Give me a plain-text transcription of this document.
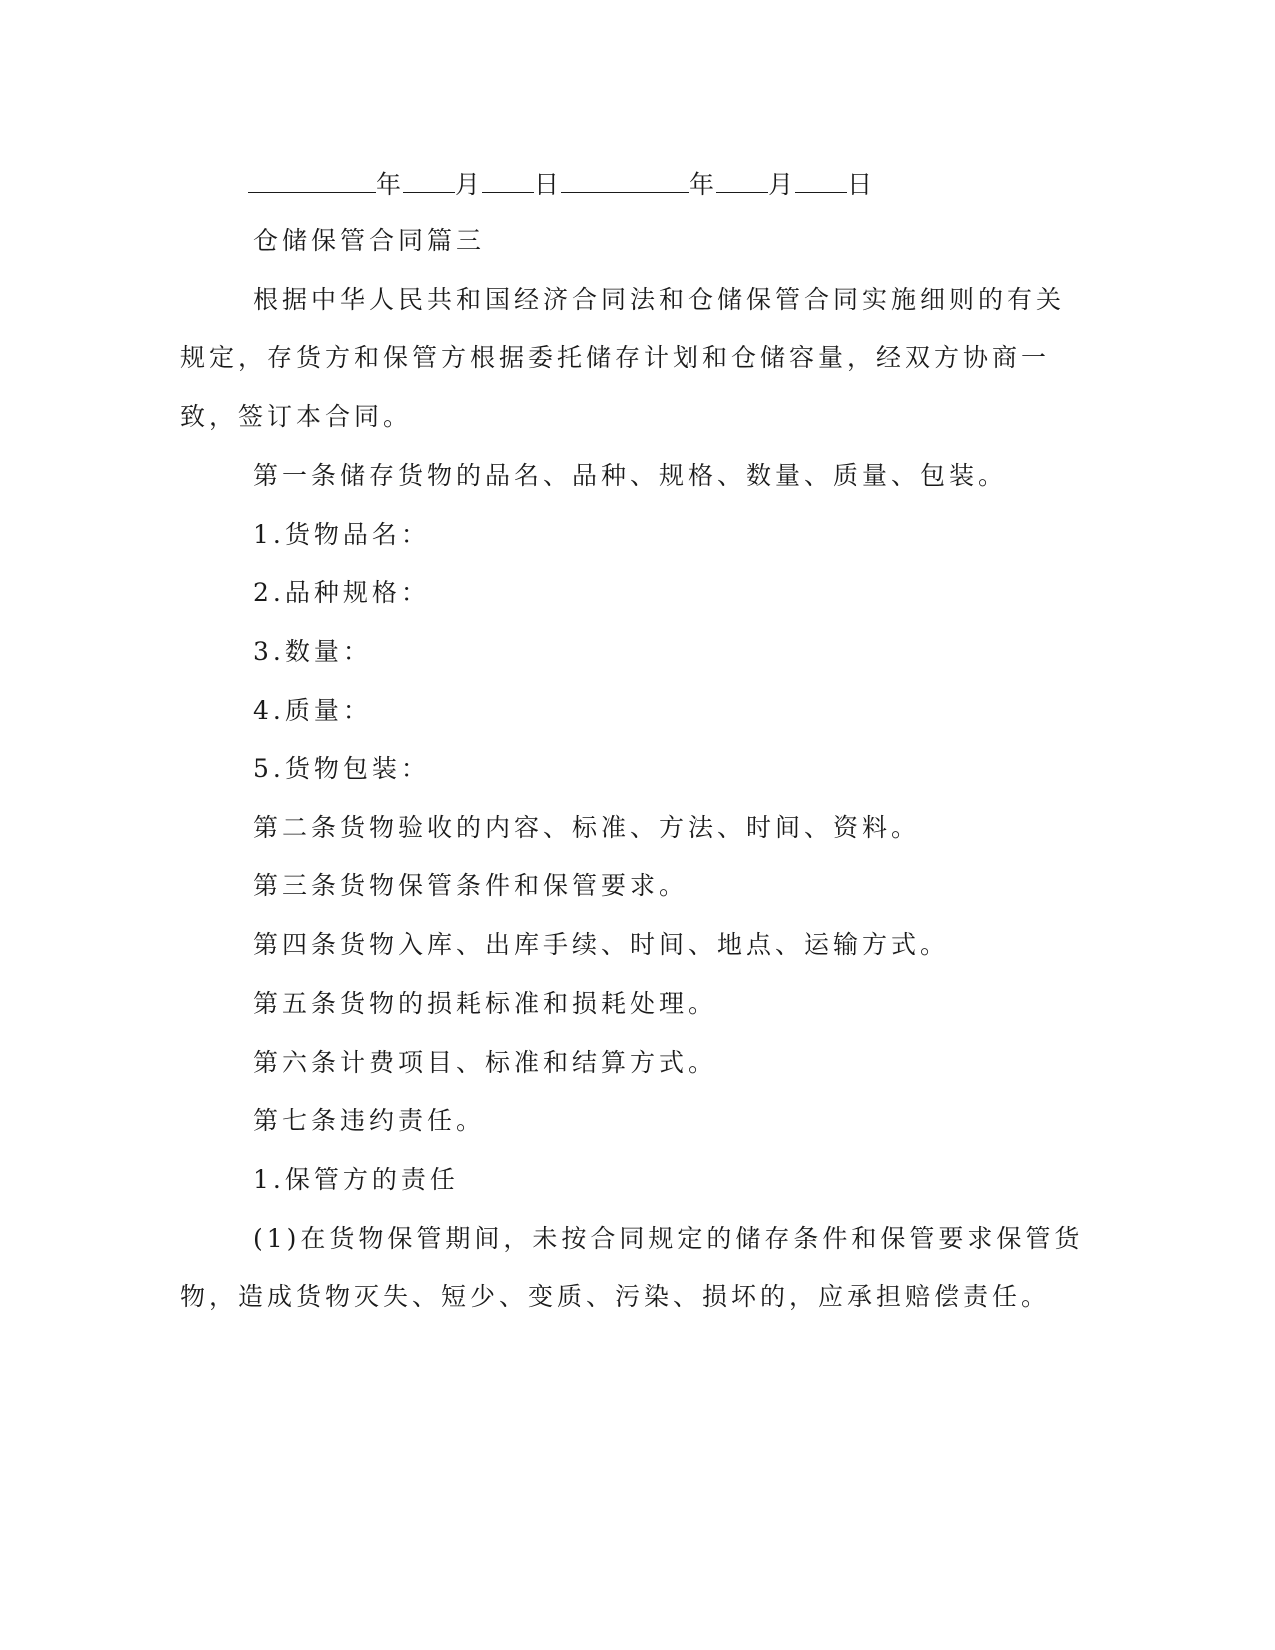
年 月 日	年 月 日
仓储保管合同篇三
根据中华人民共和国经济合同法和仓储保管合同实施细则的有关
规定，存货方和保管方根据委托储存计划和仓储容量，经双方协商一
致，签订本合同。
第一条储存货物的品名、品种、规格、数量、质量、包装。
1.货物品名：
2.品种规格：
3.数量：
4.质量：
5.货物包装：
第二条货物验收的内容、标准、方法、时间、资料。
第三条货物保管条件和保管要求。
第四条货物入库、出库手续、时间、地点、运输方式。
第五条货物的损耗标准和损耗处理。
第六条计费项目、标准和结算方式。
第七条违约责任。
1.保管方的责任
(1)在货物保管期间，未按合同规定的储存条件和保管要求保管货
物，造成货物灭失、短少、变质、污染、损坏的，应承担赔偿责任。
